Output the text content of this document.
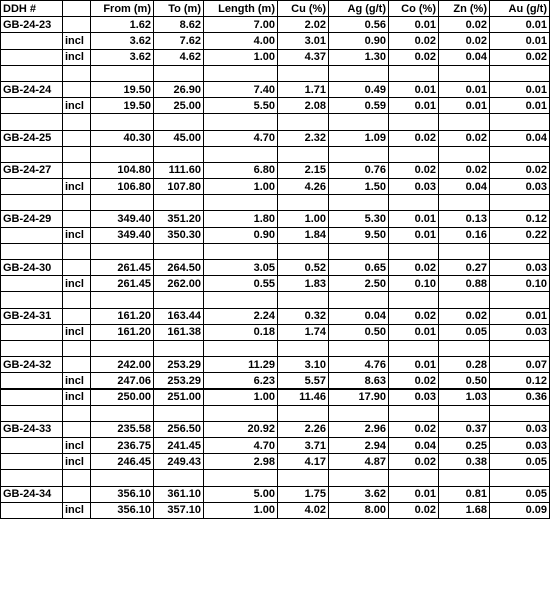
DDH #		From (m)	To (m)	Length (m)	Cu (%)	Ag (g/t)	Co (%)	Zn (%)	Au (g/t)
GB-24-23		1.62	8.62	7.00	2.02	0.56	0.01	0.02	0.01
	incl	3.62	7.62	4.00	3.01	0.90	0.02	0.02	0.01
	incl	3.62	4.62	1.00	4.37	1.30	0.02	0.04	0.02

GB-24-24		19.50	26.90	7.40	1.71	0.49	0.01	0.01	0.01
	incl	19.50	25.00	5.50	2.08	0.59	0.01	0.01	0.01

GB-24-25		40.30	45.00	4.70	2.32	1.09	0.02	0.02	0.04

GB-24-27		104.80	111.60	6.80	2.15	0.76	0.02	0.02	0.02
	incl	106.80	107.80	1.00	4.26	1.50	0.03	0.04	0.03

GB-24-29		349.40	351.20	1.80	1.00	5.30	0.01	0.13	0.12
	incl	349.40	350.30	0.90	1.84	9.50	0.01	0.16	0.22

GB-24-30		261.45	264.50	3.05	0.52	0.65	0.02	0.27	0.03
	incl	261.45	262.00	0.55	1.83	2.50	0.10	0.88	0.10

GB-24-31		161.20	163.44	2.24	0.32	0.04	0.02	0.02	0.01
	incl	161.20	161.38	0.18	1.74	0.50	0.01	0.05	0.03

GB-24-32		242.00	253.29	11.29	3.10	4.76	0.01	0.28	0.07
	incl	247.06	253.29	6.23	5.57	8.63	0.02	0.50	0.12
	incl	250.00	251.00	1.00	11.46	17.90	0.03	1.03	0.36

GB-24-33		235.58	256.50	20.92	2.26	2.96	0.02	0.37	0.03
	incl	236.75	241.45	4.70	3.71	2.94	0.04	0.25	0.03
	incl	246.45	249.43	2.98	4.17	4.87	0.02	0.38	0.05

GB-24-34		356.10	361.10	5.00	1.75	3.62	0.01	0.81	0.05
	incl	356.10	357.10	1.00	4.02	8.00	0.02	1.68	0.09
